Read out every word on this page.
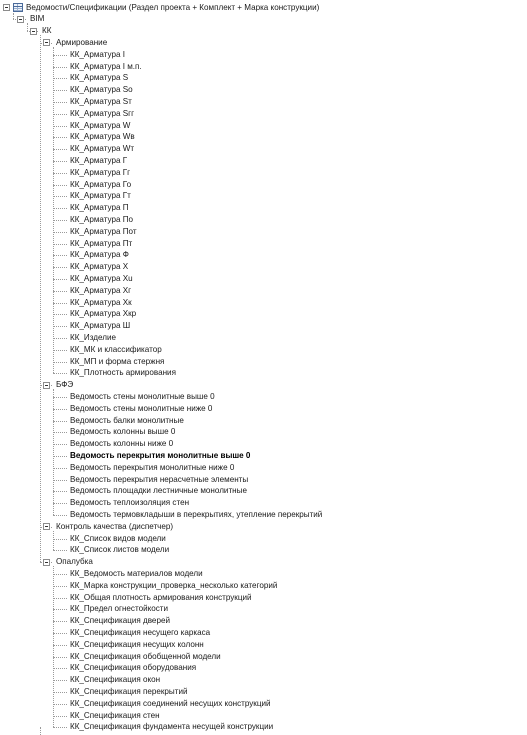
Ведомости/Спецификации (Раздел проекта + Комплект + Марка конструкции)
BIM
КК
Армирование
КК_Арматура I
КК_Арматура I м.п.
КК_Арматура S
КК_Арматура So
КК_Арматура Sт
КК_Арматура Sгг
КК_Арматура W
КК_Арматура Wв
КК_Арматура Wт
КК_Арматура Г
КК_Арматура Гг
КК_Арматура Го
КК_Арматура Гт
КК_Арматура П
КК_Арматура По
КК_Арматура Пот
КК_Арматура Пт
КК_Арматура Ф
КК_Арматура Х
КК_Арматура Хu
КК_Арматура Хг
КК_Арматура Хк
КК_Арматура Хкр
КК_Арматура Ш
КК_Изделие
КК_МК и классификатор
КК_МП и форма стержня
КК_Плотность армирования
БФЭ
Ведомость стены монолитные выше 0
Ведомость стены монолитные ниже 0
Ведомость балки монолитные
Ведомость колонны выше 0
Ведомость колонны ниже 0
Ведомость перекрытия монолитные выше 0
Ведомость перекрытия монолитные ниже 0
Ведомость перекрытия нерасчетные элементы
Ведомость площадки лестничные монолитные
Ведомость теплоизоляция стен
Ведомость термовкладыши в перекрытиях, утепление перекрытий
Контроль качества (диспетчер)
КК_Список видов модели
КК_Список листов модели
Опалубка
КК_Ведомость материалов модели
КК_Марка конструкции_проверка_несколько категорий
КК_Общая плотность армирования конструкций
КК_Предел огнестойкости
КК_Спецификация дверей
КК_Спецификация несущего каркаса
КК_Спецификация несущих колонн
КК_Спецификация обобщенной модели
КК_Спецификация оборудования
КК_Спецификация окон
КК_Спецификация перекрытий
КК_Спецификация соединений несущих конструкций
КК_Спецификация стен
КК_Спецификация фундамента несущей конструкции
